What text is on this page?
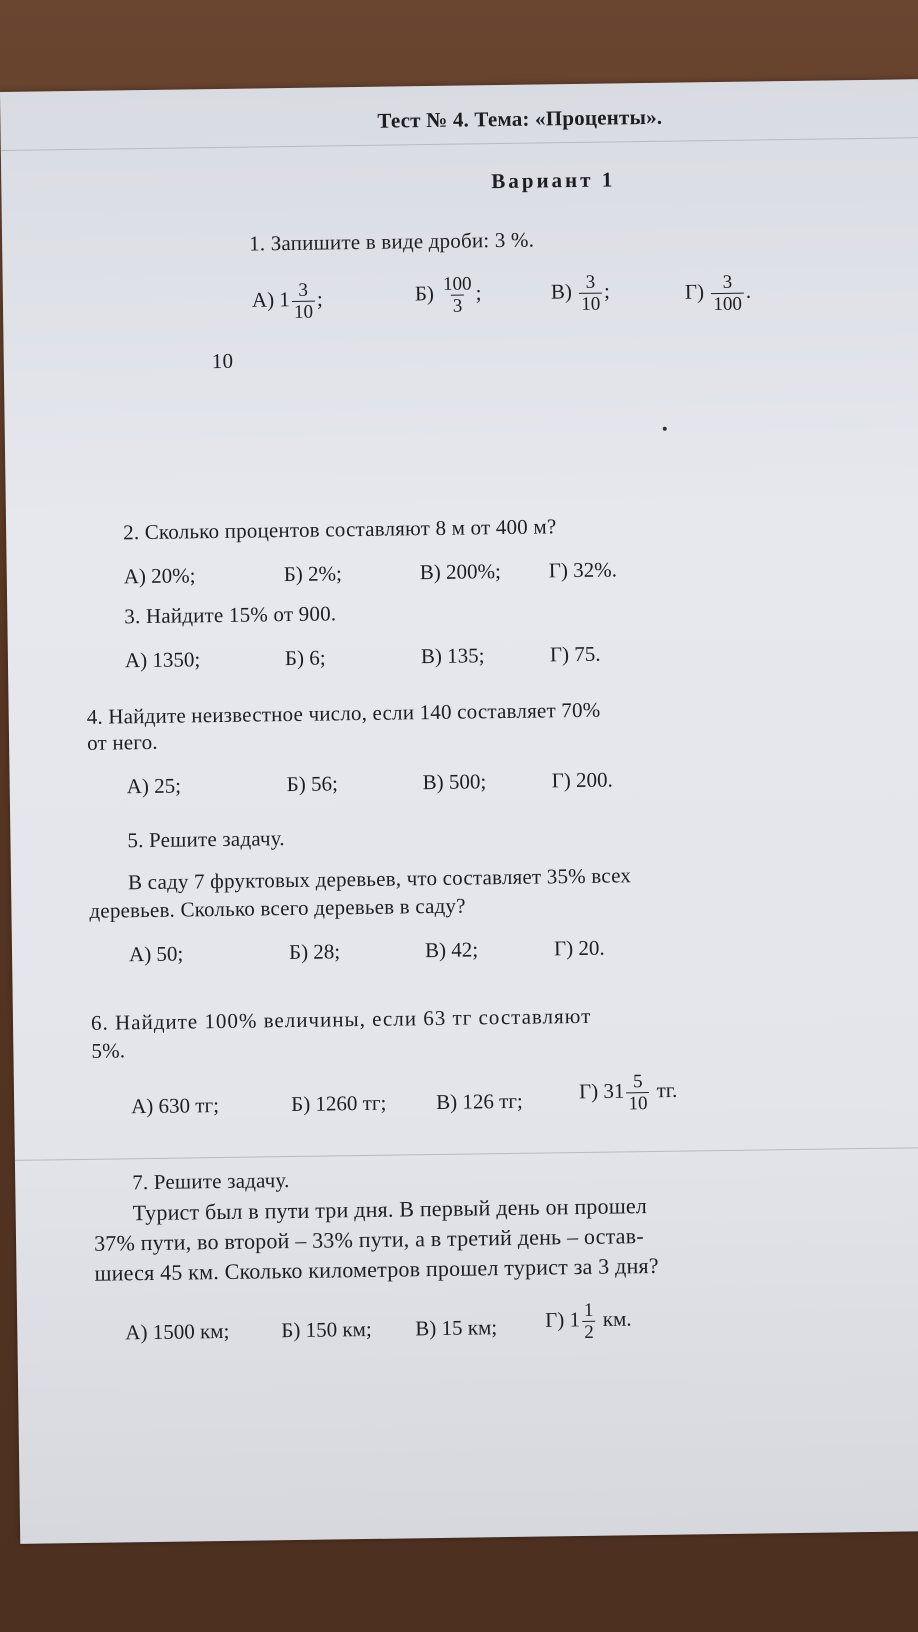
Тест № 4. Тема: «Проценты».
Вариант 1
1. Запишите в виде дроби: 3 %.
А) $1 \frac{3}{10}$ ;	$Б) \frac{100}{3}$ ;	$В) \frac{3}{10}$ ;	$Г) \frac{3}{100}$ .
10
2. Сколько процентов составляют 8 м от 400 м?
А) 20%;	Б) 2%;	В) 200%; Г) 32%.
3. Найдите 15% от 900.
А) 1350;	Б) 6;	В) 135;	Г) 75.
4. Найдите неизвестное число, если 140 составляет 70%
от него.
А) 25;	Б) 56;	В) 500;	Г) 200.
5. Решите задачу.
В саду 7 фруктовых деревьев, что составляет 35% всех
деревьев. Сколько всего деревьев в саду?
А) 50;	Б) 28;	В) 42;	Г) 20.
6. Найдите 100% величины, если 63 тг составляют
5%.
А) 630 тг;	Б) 1260 тг; В) 126 тг;	Г) $31 \frac{5}{10}$ тг.
7. Решите задачу.
Турист был в пути три дня. В первый день он прошел
37% пути, во второй – 33% пути, а в третий день – остав-
шиеся 45 км. Сколько километров прошел турист за 3 дня?
А) 1500 км; Б) 150 км; В) 15 км; Г) $1 \frac{1}{2}$ км.
